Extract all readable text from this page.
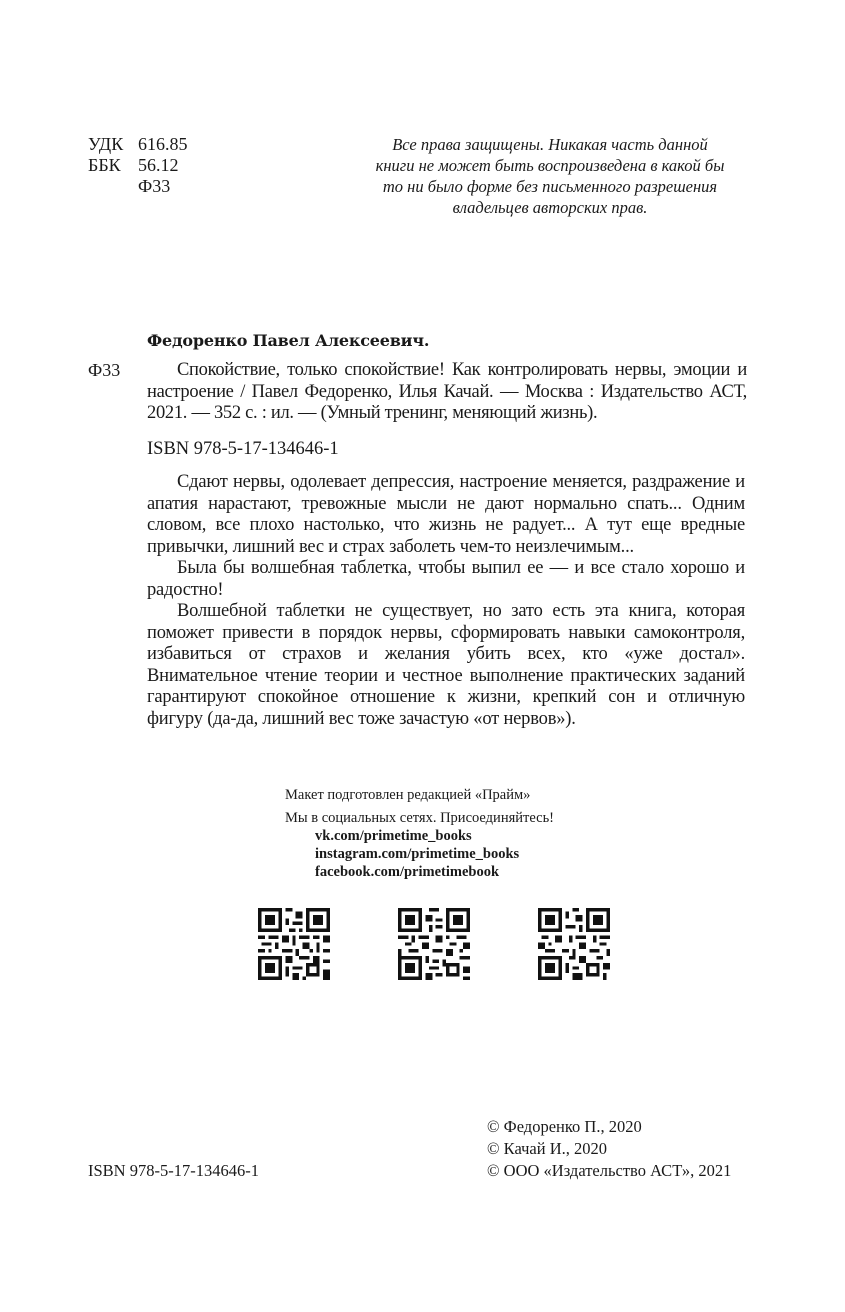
УДК 616.85
ББК 56.12
Ф33
Все права защищены. Никакая часть данной
книги не может быть воспроизведена в какой бы
то ни было форме без письменного разрешения
владельцев авторских прав.
Федоренко Павел Алексеевич.
Ф33	Спокойствие, только спокойствие! Как контролировать нервы, эмоции и настроение / Павел Федоренко, Илья Качай. — Москва : Издательство АСТ, 2021. — 352 с. : ил. — (Умный тренинг, меняющий жизнь).
ISBN 978-5-17-134646-1

Сдают нервы, одолевает депрессия, настроение меняется, раздражение и апатия нарастают, тревожные мысли не дают нормально спать... Одним словом, все плохо настолько, что жизнь не радует... А тут еще вредные привычки, лишний вес и страх заболеть чем-то неизлечимым...

Была бы волшебная таблетка, чтобы выпил ее — и все стало хорошо и радостно!

Волшебной таблетки не существует, но зато есть эта книга, которая поможет привести в порядок нервы, сформировать навыки самоконтроля, избавиться от страхов и желания убить всех, кто «уже достал». Внимательное чтение теории и честное выполнение практических заданий гарантируют спокойное отношение к жизни, крепкий сон и отличную фигуру (да-да, лишний вес тоже зачастую «от нервов»).

Макет подготовлен редакцией «Прайм»
Мы в социальных сетях. Присоединяйтесь!
vk.com/primetime_books
instagram.com/primetime_books
facebook.com/primetimebook
ISBN 978-5-17-134646-1
© Федоренко П., 2020
© Качай И., 2020
© ООО «Издательство АСТ», 2021
